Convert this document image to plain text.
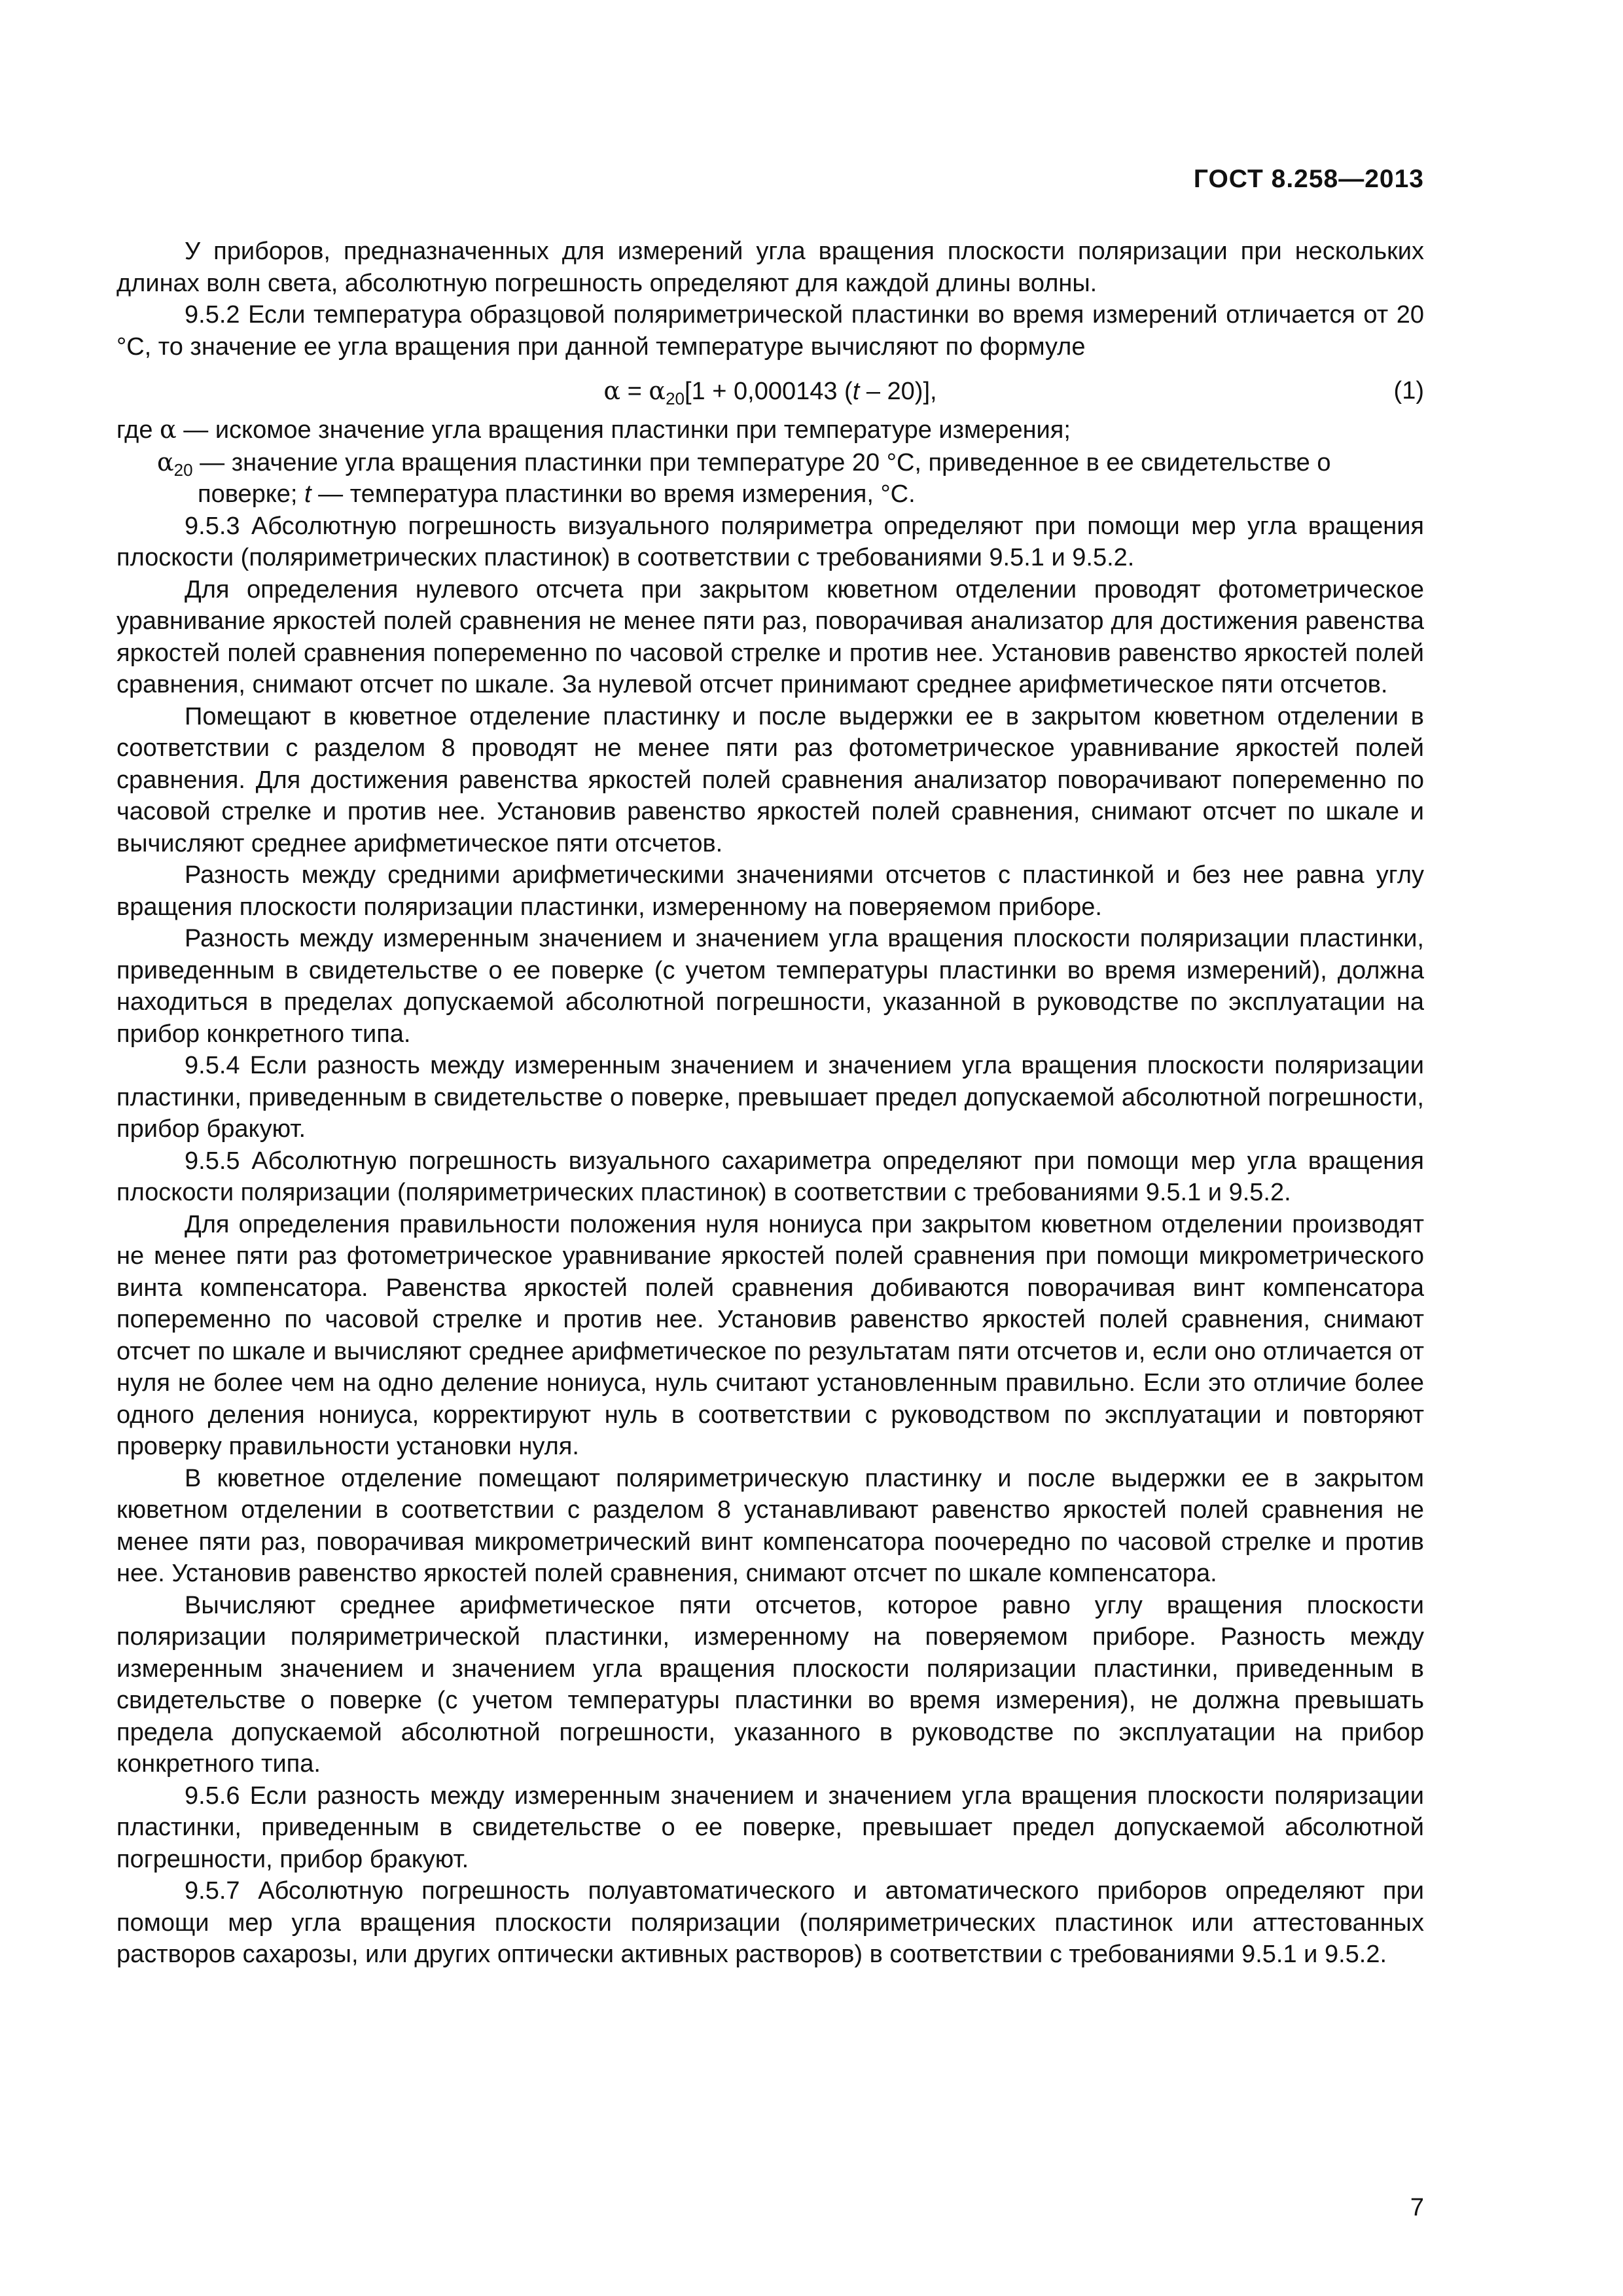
ГОСТ 8.258—2013

У приборов, предназначенных для измерений угла вращения плоскости поляризации при нескольких длинах волн света, абсолютную погрешность определяют для каждой длины волны.

9.5.2 Если температура образцовой поляриметрической пластинки во время измерений отличается от 20 °С, то значение ее угла вращения при данной температуре вычисляют по формуле

$\alpha = \alpha_{20}[1 + 0,000143$ (t – 20)],	(1)
где α — искомое значение угла вращения пластинки при температуре измерения;
$\alpha_{20}$ — значение угла вращения пластинки при температуре 20 °С, приведенное в ее свидетельстве о
поверке; t — температура пластинки во время измерения, °С.

9.5.3 Абсолютную погрешность визуального поляриметра определяют при помощи мер угла вращения плоскости (поляриметрических пластинок) в соответствии с требованиями 9.5.1 и 9.5.2.

Для определения нулевого отсчета при закрытом кюветном отделении проводят фотометрическое уравнивание яркостей полей сравнения не менее пяти раз, поворачивая анализатор для достижения равенства яркостей полей сравнения попеременно по часовой стрелке и против нее. Установив равенство яркостей полей сравнения, снимают отсчет по шкале. За нулевой отсчет принимают среднее арифметическое пяти отсчетов.

Помещают в кюветное отделение пластинку и после выдержки ее в закрытом кюветном отделении в соответствии с разделом 8 проводят не менее пяти раз фотометрическое уравнивание яркостей полей сравнения. Для достижения равенства яркостей полей сравнения анализатор поворачивают попеременно по часовой стрелке и против нее. Установив равенство яркостей полей сравнения, снимают отсчет по шкале и вычисляют среднее арифметическое пяти отсчетов.

Разность между средними арифметическими значениями отсчетов с пластинкой и без нее равна углу вращения плоскости поляризации пластинки, измеренному на поверяемом приборе.

Разность между измеренным значением и значением угла вращения плоскости поляризации пластинки, приведенным в свидетельстве о ее поверке (с учетом температуры пластинки во время измерений), должна находиться в пределах допускаемой абсолютной погрешности, указанной в руководстве по эксплуатации на прибор конкретного типа.

9.5.4 Если разность между измеренным значением и значением угла вращения плоскости поляризации пластинки, приведенным в свидетельстве о поверке, превышает предел допускаемой абсолютной погрешности, прибор бракуют.

9.5.5 Абсолютную погрешность визуального сахариметра определяют при помощи мер угла вращения плоскости поляризации (поляриметрических пластинок) в соответствии с требованиями 9.5.1 и 9.5.2.

Для определения правильности положения нуля нониуса при закрытом кюветном отделении производят не менее пяти раз фотометрическое уравнивание яркостей полей сравнения при помощи микрометрического винта компенсатора. Равенства яркостей полей сравнения добиваются поворачивая винт компенсатора попеременно по часовой стрелке и против нее. Установив равенство яркостей полей сравнения, снимают отсчет по шкале и вычисляют среднее арифметическое по результатам пяти отсчетов и, если оно отличается от нуля не более чем на одно деление нониуса, нуль считают установленным правильно. Если это отличие более одного деления нониуса, корректируют нуль в соответствии с руководством по эксплуатации и повторяют проверку правильности установки нуля.

В кюветное отделение помещают поляриметрическую пластинку и после выдержки ее в закрытом кюветном отделении в соответствии с разделом 8 устанавливают равенство яркостей полей сравнения не менее пяти раз, поворачивая микрометрический винт компенсатора поочередно по часовой стрелке и против нее. Установив равенство яркостей полей сравнения, снимают отсчет по шкале компенсатора.

Вычисляют среднее арифметическое пяти отсчетов, которое равно углу вращения плоскости поляризации поляриметрической пластинки, измеренному на поверяемом приборе. Разность между измеренным значением и значением угла вращения плоскости поляризации пластинки, приведенным в свидетельстве о поверке (с учетом температуры пластинки во время измерения), не должна превышать предела допускаемой абсолютной погрешности, указанного в руководстве по эксплуатации на прибор конкретного типа.

9.5.6 Если разность между измеренным значением и значением угла вращения плоскости поляризации пластинки, приведенным в свидетельстве о ее поверке, превышает предел допускаемой абсолютной погрешности, прибор бракуют.

9.5.7 Абсолютную погрешность полуавтоматического и автоматического приборов определяют при помощи мер угла вращения плоскости поляризации (поляриметрических пластинок или аттестованных растворов сахарозы, или других оптически активных растворов) в соответствии с требованиями 9.5.1 и 9.5.2.

7
